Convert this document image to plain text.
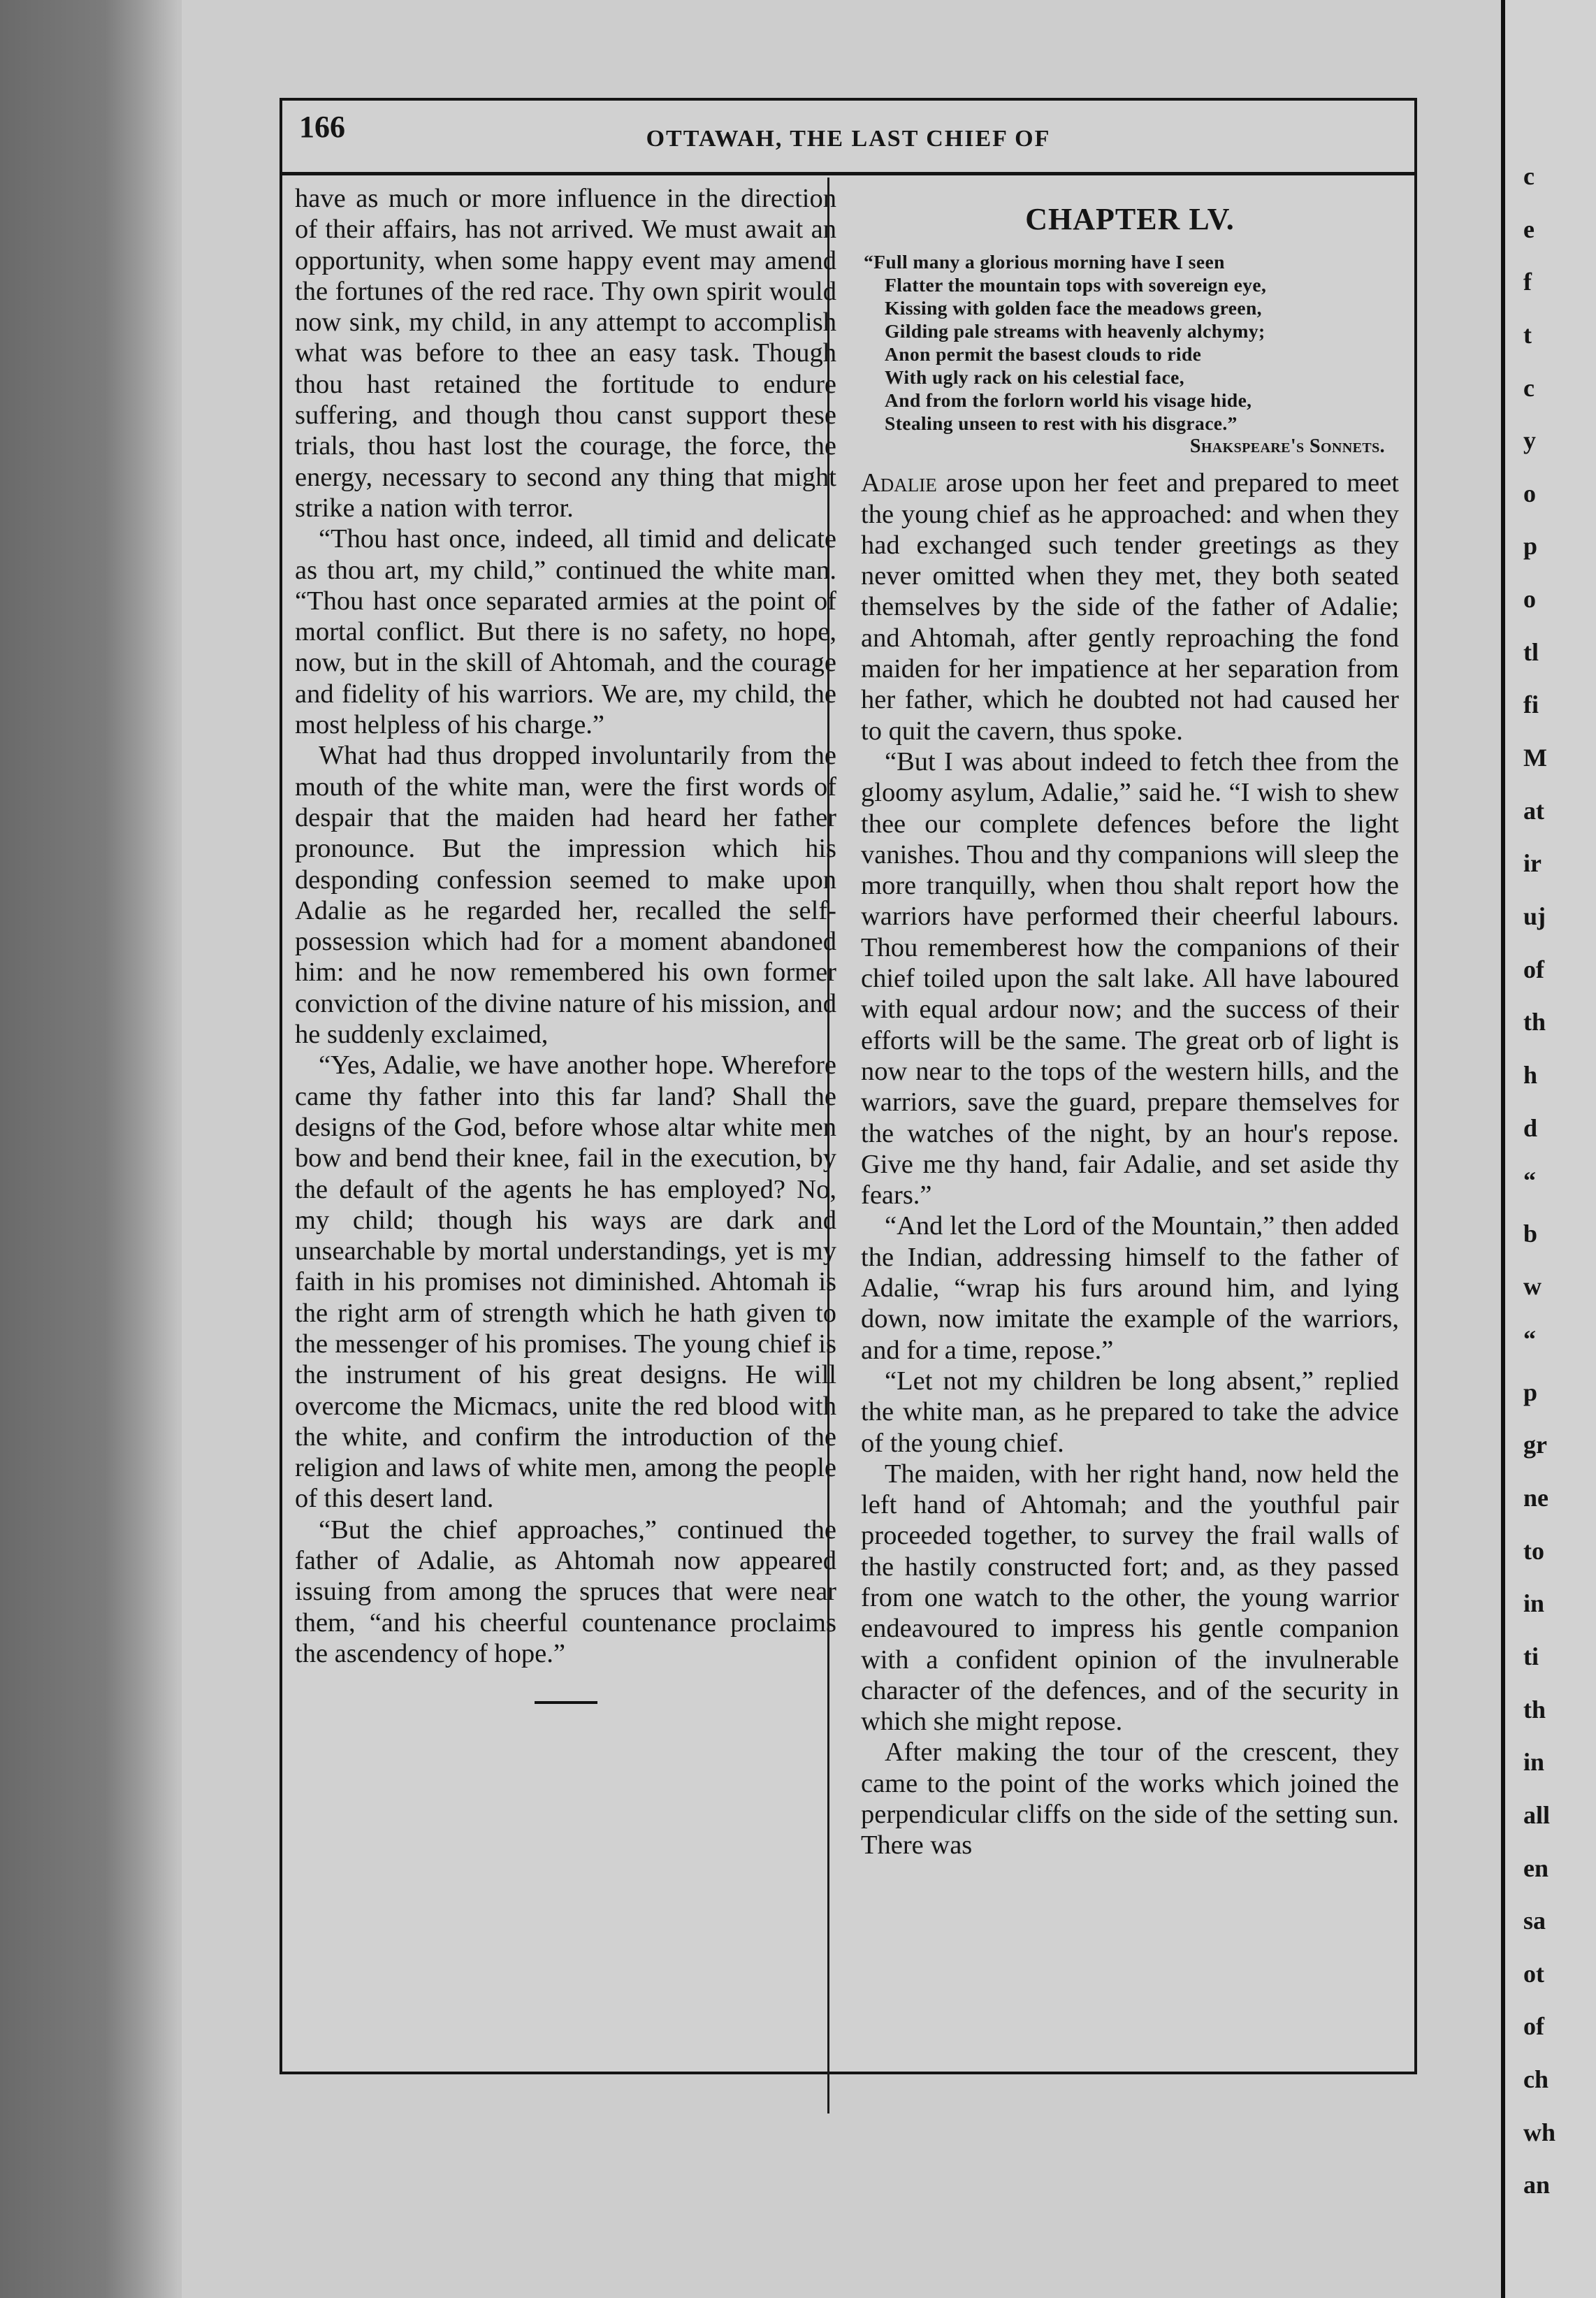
166	OTTAWAH, THE LAST CHIEF OF

have as much or more influence in the direction of their affairs, has not arrived. We must await an opportunity, when some happy event may amend the fortunes of the red race. Thy own spirit would now sink, my child, in any attempt to accomplish what was before to thee an easy task. Though thou hast retained the fortitude to endure suffering, and though thou canst support these trials, thou hast lost the courage, the force, the energy, necessary to second any thing that might strike a nation with terror.

“Thou hast once, indeed, all timid and delicate as thou art, my child,” continued the white man. “Thou hast once separated armies at the point of mortal conflict. But there is no safety, no hope, now, but in the skill of Ahtomah, and the courage and fidelity of his warriors. We are, my child, the most helpless of his charge.”

What had thus dropped involuntarily from the mouth of the white man, were the first words of despair that the maiden had heard her father pronounce. But the impression which his desponding confession seemed to make upon Adalie as he regarded her, recalled the self-possession which had for a moment abandoned him: and he now remembered his own former conviction of the divine nature of his mission, and he suddenly exclaimed,

“Yes, Adalie, we have another hope. Wherefore came thy father into this far land? Shall the designs of the God, before whose altar white men bow and bend their knee, fail in the execution, by the default of the agents he has employed? No, my child; though his ways are dark and unsearchable by mortal understandings, yet is my faith in his promises not diminished. Ahtomah is the right arm of strength which he hath given to the messenger of his promises. The young chief is the instrument of his great designs. He will overcome the Micmacs, unite the red blood with the white, and confirm the introduction of the religion and laws of white men, among the people of this desert land.

“But the chief approaches,” continued the father of Adalie, as Ahtomah now appeared issuing from among the spruces that were near them, “and his cheerful countenance proclaims the ascendency of hope.”

CHAPTER LV.
“Full many a glorious morning have I seen
Flatter the mountain tops with sovereign eye,
Kissing with golden face the meadows green,
Gilding pale streams with heavenly alchymy;
Anon permit the basest clouds to ride
With ugly rack on his celestial face,
And from the forlorn world his visage hide,
Stealing unseen to rest with his disgrace.”
Shakspeare's Sonnets.

Adalie arose upon her feet and prepared to meet the young chief as he approached: and when they had exchanged such tender greetings as they never omitted when they met, they both seated themselves by the side of the father of Adalie; and Ahtomah, after gently reproaching the fond maiden for her impatience at her separation from her father, which he doubted not had caused her to quit the cavern, thus spoke.

“But I was about indeed to fetch thee from the gloomy asylum, Adalie,” said he. “I wish to shew thee our complete defences before the light vanishes. Thou and thy companions will sleep the more tranquilly, when thou shalt report how the warriors have performed their cheerful labours. Thou rememberest how the companions of their chief toiled upon the salt lake. All have laboured with equal ardour now; and the success of their efforts will be the same. The great orb of light is now near to the tops of the western hills, and the warriors, save the guard, prepare themselves for the watches of the night, by an hour's repose. Give me thy hand, fair Adalie, and set aside thy fears.”

“And let the Lord of the Mountain,” then added the Indian, addressing himself to the father of Adalie, “wrap his furs around him, and lying down, now imitate the example of the warriors, and for a time, repose.”

“Let not my children be long absent,” replied the white man, as he prepared to take the advice of the young chief.

The maiden, with her right hand, now held the left hand of Ahtomah; and the youthful pair proceeded together, to survey the frail walls of the hastily constructed fort; and, as they passed from one watch to the other, the young warrior endeavoured to impress his gentle companion with a confident opinion of the invulnerable character of the defences, and of the security in which she might repose.

After making the tour of the crescent, they came to the point of the works which joined the perpendicular cliffs on the side of the setting sun. There was

c
e
f
t
c
y
o
p
o
tl
fi
M
at
ir
uj
of
th
h
d
“
b
w
“
p
gr
ne
to
in
ti
th
in
all
en
sa
ot
of
ch
wh
an
